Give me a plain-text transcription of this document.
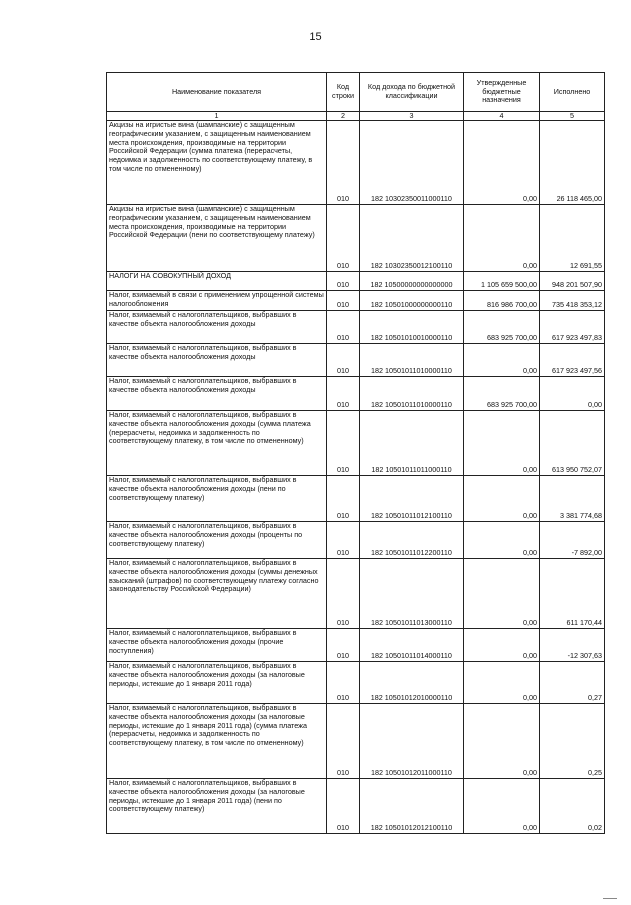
15
Наименование показателя	Код строки	Код дохода по бюджетной классификации	Утвержденные бюджетные назначения	Исполнено
1	2	3	4	5
Акцизы на игристые вина (шампанские) с защищенным географическим указанием, с защищенным наименованием места происхождения, производимые на территории Российской Федерации (сумма платежа (перерасчеты, недоимка и задолженность по соответствующему платежу, в том числе по отмененному)	010	182 10302350011000110	0,00	26 118 465,00
Акцизы на игристые вина (шампанские) с защищенным географическим указанием, с защищенным наименованием места происхождения, производимые на территории Российской Федерации (пени по соответствующему платежу)	010	182 10302350012100110	0,00	12 691,55
НАЛОГИ НА СОВОКУПНЫЙ ДОХОД	010	182 10500000000000000	1 105 659 500,00	948 201 507,90
Налог, взимаемый в связи с применением упрощенной системы налогообложения	010	182 10501000000000110	816 986 700,00	735 418 353,12
Налог, взимаемый с налогоплательщиков, выбравших в качестве объекта налогообложения доходы	010	182 10501010010000110	683 925 700,00	617 923 497,83
Налог, взимаемый с налогоплательщиков, выбравших в качестве объекта налогообложения доходы	010	182 10501011010000110	0,00	617 923 497,56
Налог, взимаемый с налогоплательщиков, выбравших в качестве объекта налогообложения доходы	010	182 10501011010000110	683 925 700,00	0,00
Налог, взимаемый с налогоплательщиков, выбравших в качестве объекта налогообложения доходы (сумма платежа (перерасчеты, недоимка и задолженность по соответствующему платежу, в том числе по отмененному)	010	182 10501011011000110	0,00	613 950 752,07
Налог, взимаемый с налогоплательщиков, выбравших в качестве объекта налогообложения доходы (пени по соответствующему платежу)	010	182 10501011012100110	0,00	3 381 774,68
Налог, взимаемый с налогоплательщиков, выбравших в качестве объекта налогообложения доходы (проценты по соответствующему платежу)	010	182 10501011012200110	0,00	-7 892,00
Налог, взимаемый с налогоплательщиков, выбравших в качестве объекта налогообложения доходы (суммы денежных взысканий (штрафов) по соответствующему платежу согласно законодательству Российской Федерации)	010	182 10501011013000110	0,00	611 170,44
Налог, взимаемый с налогоплательщиков, выбравших в качестве объекта налогообложения доходы (прочие поступления)	010	182 10501011014000110	0,00	-12 307,63
Налог, взимаемый с налогоплательщиков, выбравших в качестве объекта налогообложения доходы (за налоговые периоды, истекшие до 1 января 2011 года)	010	182 10501012010000110	0,00	0,27
Налог, взимаемый с налогоплательщиков, выбравших в качестве объекта налогообложения доходы (за налоговые периоды, истекшие до 1 января 2011 года) (сумма платежа (перерасчеты, недоимка и задолженность по соответствующему платежу, в том числе по отмененному)	010	182 10501012011000110	0,00	0,25
Налог, взимаемый с налогоплательщиков, выбравших в качестве объекта налогообложения доходы (за налоговые периоды, истекшие до 1 января 2011 года) (пени по соответствующему платежу)	010	182 10501012012100110	0,00	0,02
